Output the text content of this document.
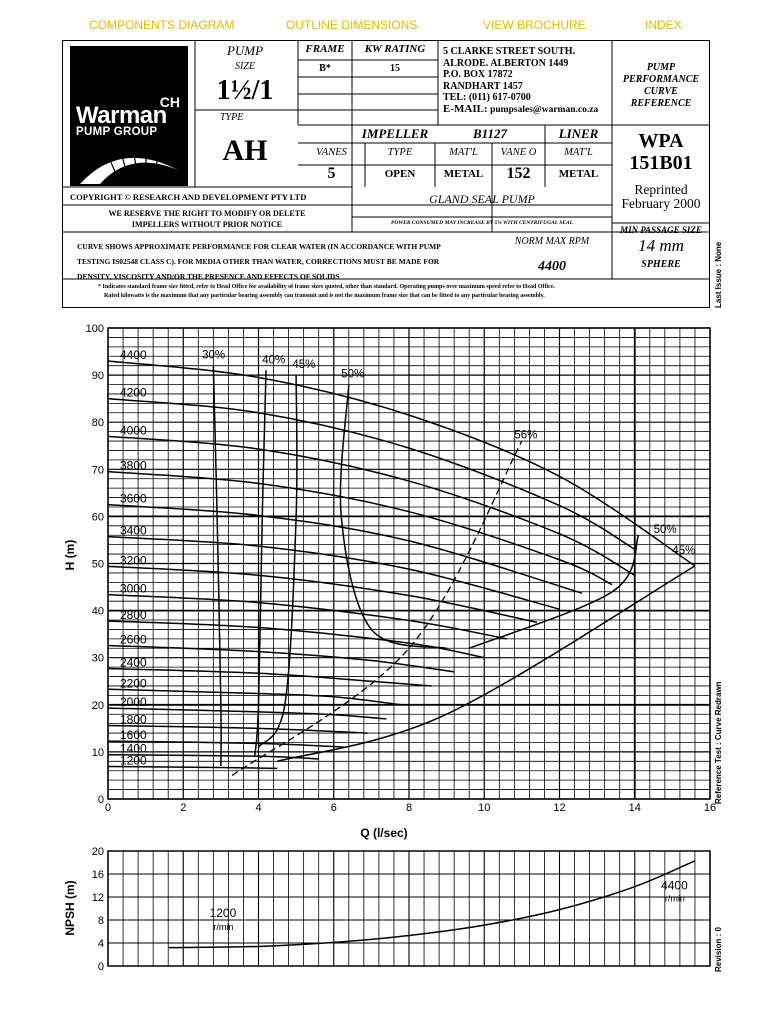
COMPONENTS DIAGRAM	OUTLINE DIMENSIONS	VIEW BROCHURE	INDEX
CH
Warman
PUMP GROUP
PUMP
SIZE
1½/1
TYPE
AH
FRAME	KW RATING
B*	15
5 CLARKE STREET SOUTH.
ALRODE. ALBERTON 1449
P.O. BOX 17872
RANDHART 1457
TEL: (011) 617-0700
E-MAIL: pumpsales@warman.co.za
PUMP
PERFORMANCE
CURVE
REFERENCE
WPA
151B01
Reprinted
February 2000
IMPELLER	B1127	LINER
VANES	TYPE	MAT'L	VANE O	MAT'L
5	OPEN	METAL	152	METAL
COPYRIGHT © RESEARCH AND DEVELOPMENT PTY LTD	GLAND SEAL PUMP
WE RESERVE THE RIGHT TO MODIFY OR DELETE
IMPELLERS WITHOUT PRIOR NOTICE	POWER CONSUMED MAY INCREASE BY 5% WITH CENTRIFUGAL SEAL
MIN PASSAGE SIZE
14 mm
SPHERE
CURVE SHOWS APPROXIMATE PERFORMANCE FOR CLEAR WATER (IN ACCORDANCE WITH PUMP
TESTING IS02548 CLASS C). FOR MEDIA OTHER THAN WATER, CORRECTIONS MUST BE MADE FOR
DENSITY, VISCOSITY AND/OR THE PRESENCE AND EFFECTS OF SOLIDS
NORM MAX RPM
4400
* Indicates standard frame size fitted, refer to Head Office for availability of frame sizes quoted, other than standard. Operating pumps over maximum speed refer to Head Office.
Rated kilowatts is the maximum that any particular bearing assembly can transmit and is not the maximum frame size that can be fitted to any particular bearing assembly.	Last Issue : None
Reference Test : Curve Redrawn
Revision : 0
0	2	4	6	8	10	12	14	16
0
10
20
30
40
50
60
70
80
90
100
4400
4200
4000
3800
3600
3400
3200
3000
2800
2600
2400
2200
2000
1800
1600
1400
1200
30%	40% 45%
50%
56%
50%
45%
H (m)
Q (l/sec)
0
4
8
12
16
20
1200
r/min
4400
r/min
NPSH (m)
